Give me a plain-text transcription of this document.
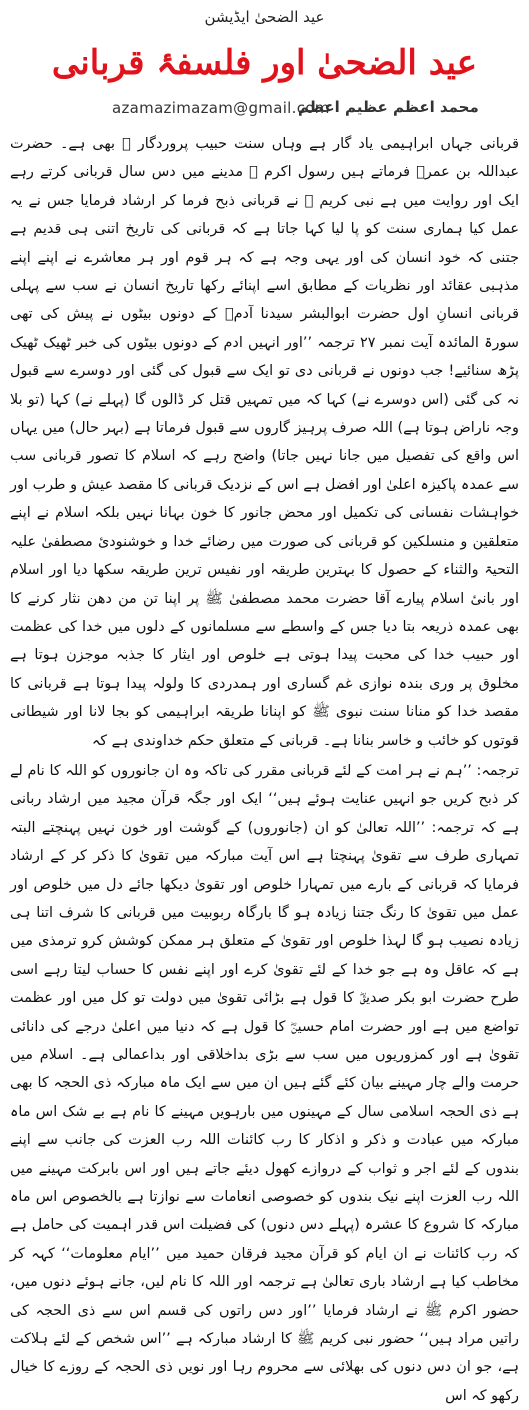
عید الضحیٰ ایڈیشن
عید الضحیٰ اور فلسفۂ قربانی
azamazimazam@gmail.com
محمد اعظم عظیم اعظم

قربانی جہاں ابراہیمی یاد گار ہے وہاں سنت حبیب پروردگار ﷺ بھی ہے۔ حضرت عبداللہ بن عمرؓ فرماتے ہیں رسول اکرم ﷺ مدینے میں دس سال قربانی کرتے رہے ایک اور روایت میں ہے نبی کریم ﷺ نے قربانی ذبح فرما کر ارشاد فرمایا جس نے یہ عمل کیا ہماری سنت کو پا لیا کہا جاتا ہے کہ قربانی کی تاریخ اتنی ہی قدیم ہے جتنی کہ خود انسان کی اور یہی وجہ ہے کہ ہر قوم اور ہر معاشرے نے اپنے اپنے مذہبی عقائد اور نظریات کے مطابق اسے اپنائے رکھا تاریخ انسان نے سب سے پہلی قربانی انسانِ اول حضرت ابوالبشر سیدنا آدمؑ کے دونوں بیٹوں نے پیش کی تھی سورۃ المائدہ آیت نمبر ۲۷ ترجمہ ’’اور انہیں ادم کے دونوں بیٹوں کی خبر ٹھیک ٹھیک پڑھ سنائیے! جب دونوں نے قربانی دی تو ایک سے قبول کی گئی اور دوسرے سے قبول نہ کی گئی (اس دوسرے نے) کہا کہ میں تمہیں قتل کر ڈالوں گا (پہلے نے) کہا (تو بلا وجہ ناراض ہوتا ہے) اللہ صرف پرہیز گاروں سے قبول فرماتا ہے (بہر حال) میں یہاں اس واقع کی تفصیل میں جانا نہیں جاتا) واضح رہے کہ اسلام کا تصور قربانی سب سے عمدہ پاکیزہ اعلیٰ اور افضل ہے اس کے نزدیک قربانی کا مقصد عیش و طرب اور خواہشات نفسانی کی تکمیل اور محض جانور کا خون بہانا نہیں بلکہ اسلام نے اپنے متعلقین و منسلکین کو قربانی کی صورت میں رضائے خدا و خوشنودیٔ مصطفیٰ علیہ التحیۃ والثناء کے حصول کا بہترین طریقہ اور نفیس ترین طریقہ سکھا دیا اور اسلام اور بانیٔ اسلام پیارے آقا حضرت محمد مصطفیٰ ﷺ پر اپنا تن من دھن نثار کرنے کا بھی عمدہ ذریعہ بتا دیا جس کے واسطے سے مسلمانوں کے دلوں میں خدا کی عظمت اور حبیب خدا کی محبت پیدا ہوتی ہے خلوص اور ایثار کا جذبہ موجزن ہوتا ہے مخلوق پر وری بندہ نوازی غم گساری اور ہمدردی کا ولولہ پیدا ہوتا ہے قربانی کا مقصد خدا کو منانا سنت نبوی ﷺ کو اپنانا طریقہ ابراہیمی کو بجا لانا اور شیطانی قوتوں کو خائب و خاسر بنانا ہے۔ قربانی کے متعلق حکم خداوندی ہے کہ

ترجمہ: ’’ہم نے ہر امت کے لئے قربانی مقرر کی تاکہ وہ ان جانوروں کو اللہ کا نام لے کر ذبح کریں جو انہیں عنایت ہوئے ہیں‘‘ ایک اور جگہ قرآن مجید میں ارشاد ربانی ہے کہ ترجمہ: ’’اللہ تعالیٰ کو ان (جانوروں) کے گوشت اور خون نہیں پہنچتے البتہ تمہاری طرف سے تقویٰ پہنچتا ہے اس آیت مبارکہ میں تقویٰ کا ذکر کر کے ارشاد فرمایا کہ قربانی کے بارے میں تمہارا خلوص اور تقویٰ دیکھا جائے دل میں خلوص اور عمل میں تقویٰ کا رنگ جتنا زیادہ ہو گا بارگاہ ربوبیت میں قربانی کا شرف اتنا ہی زیادہ نصیب ہو گا لہذا خلوص اور تقویٰ کے متعلق ہر ممکن کوشش کرو ترمذی میں ہے کہ عاقل وہ ہے جو خدا کے لئے تقویٰ کرے اور اپنے نفس کا حساب لیتا رہے اسی طرح حضرت ابو بکر صدیقؓ کا قول ہے بڑائی تقویٰ میں دولت تو کل میں اور عظمت تواضع میں ہے اور حضرت امام حسینؓ کا قول ہے کہ دنیا میں اعلیٰ درجے کی دانائی تقویٰ ہے اور کمزوریوں میں سب سے بڑی بداخلاقی اور بداعمالی ہے۔ اسلام میں حرمت والے چار مہینے بیان کئے گئے ہیں ان میں سے ایک ماہ مبارکہ ذی الحجہ کا بھی ہے ذی الحجہ اسلامی سال کے مہینوں میں بارہویں مہینے کا نام ہے بے شک اس ماہ مبارکہ میں عبادت و ذکر و اذکار کا رب کائنات اللہ رب العزت کی جانب سے اپنے بندوں کے لئے اجر و ثواب کے دروازے کھول دیئے جاتے ہیں اور اس بابرکت مہینے میں اللہ رب العزت اپنے نیک بندوں کو خصوصی انعامات سے نوازتا ہے بالخصوص اس ماہ مبارکہ کا شروع کا عشرہ (پہلے دس دنوں) کی فضیلت اس قدر اہمیت کی حامل ہے کہ رب کائنات نے ان ایام کو قرآن مجید فرقان حمید میں ’’ایام معلومات‘‘ کہہ کر مخاطب کیا ہے ارشاد باری تعالیٰ ہے ترجمہ اور اللہ کا نام لیں، جانے ہوئے دنوں میں، حضور اکرم ﷺ نے ارشاد فرمایا ’’اور دس راتوں کی قسم اس سے ذی الحجہ کی راتیں مراد ہیں‘‘ حضور نبی کریم ﷺ کا ارشاد مبارکہ ہے ’’اس شخص کے لئے ہلاکت ہے، جو ان دس دنوں کی بھلائی سے محروم رہا اور نویں ذی الحجہ کے روزے کا خیال رکھو کہ اس
